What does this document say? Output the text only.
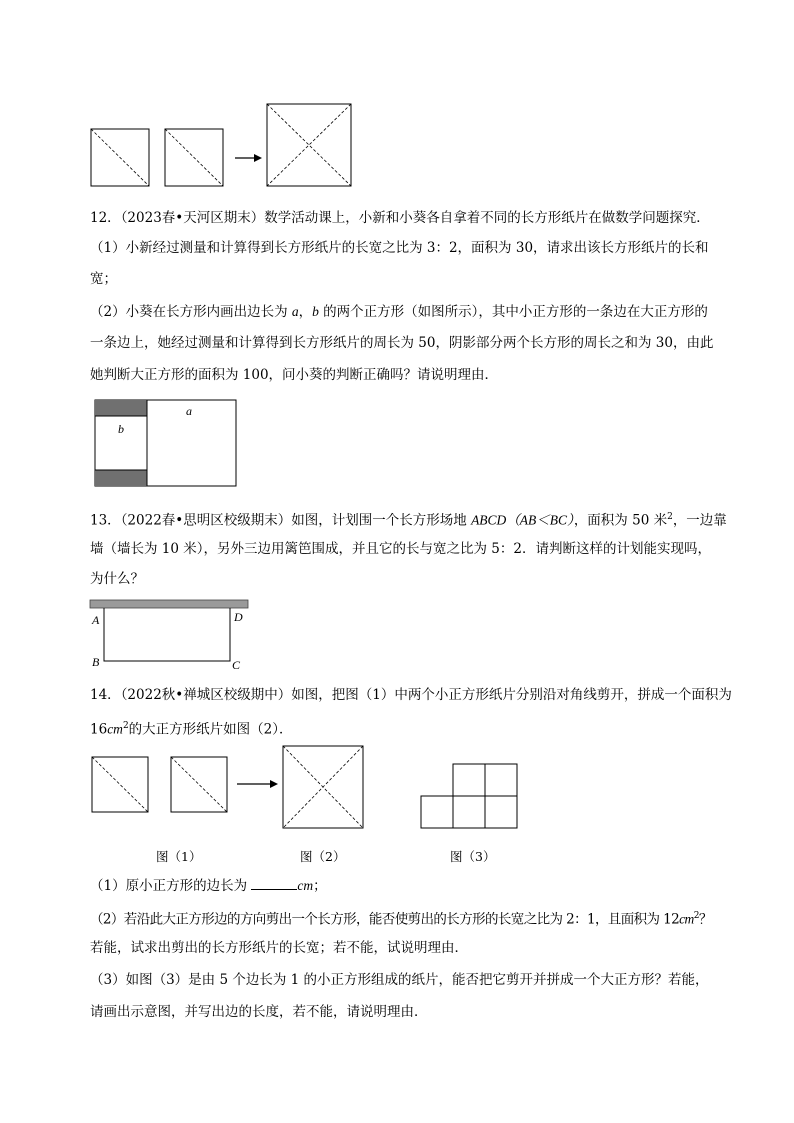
12．（2023春•天河区期末）数学活动课上，小新和小葵各自拿着不同的长方形纸片在做数学问题探究．
（1）小新经过测量和计算得到长方形纸片的长宽之比为 3：2，面积为 30，请求出该长方形纸片的长和
宽；
（2）小葵在长方形内画出边长为 a，b 的两个正方形（如图所示），其中小正方形的一条边在大正方形的
一条边上，她经过测量和计算得到长方形纸片的周长为 50，阴影部分两个长方形的周长之和为 30，由此
她判断大正方形的面积为 100，问小葵的判断正确吗？请说明理由．
a
b
13．（2022春•思明区校级期末）如图，计划围一个长方形场地 ABCD（AB＜BC），面积为 50 米$^2$，一边靠
墙（墙长为 10 米），另外三边用篱笆围成，并且它的长与宽之比为 5：2．请判断这样的计划能实现吗，
为什么？
A	D
B	C
14．（2022秋•禅城区校级期中）如图，把图（1）中两个小正方形纸片分别沿对角线剪开，拼成一个面积为
$16cm^2$的大正方形纸片如图（2）．
图（1）	图（2）	图（3）
（1）原小正方形的边长为	cm；
（2）若沿此大正方形边的方向剪出一个长方形，能否使剪出的长方形的长宽之比为 2：1，且面积为 $12cm^2$？
若能，试求出剪出的长方形纸片的长宽；若不能，试说明理由．
（3）如图（3）是由 5 个边长为 1 的小正方形组成的纸片，能否把它剪开并拼成一个大正方形？若能，
请画出示意图，并写出边的长度，若不能，请说明理由．
